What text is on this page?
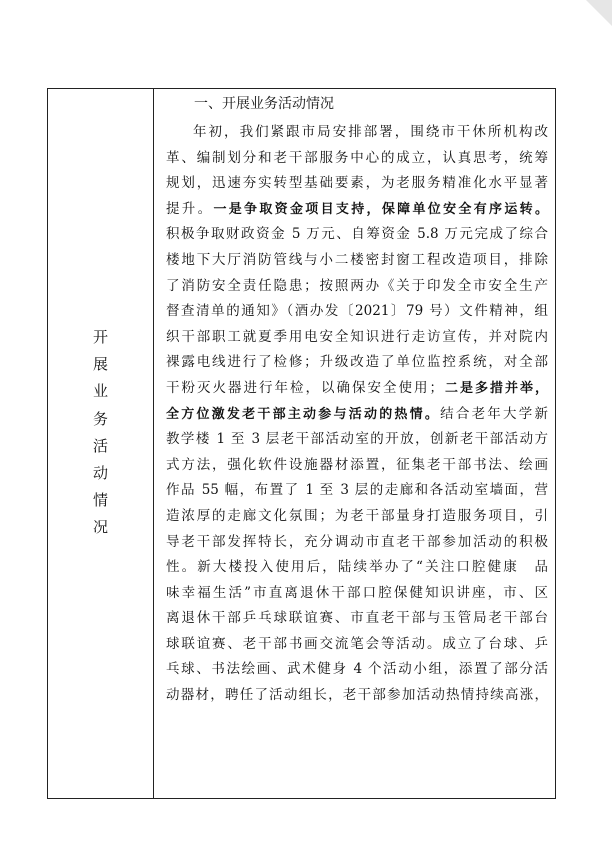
开
展
业
务
活
动
情
况
一、开展业务活动情况
年初，我们紧跟市局安排部署，围绕市干休所机构改
革、编制划分和老干部服务中心的成立，认真思考，统筹
规划，迅速夯实转型基础要素，为老服务精准化水平显著
提升。一是争取资金项目支持，保障单位安全有序运转。
积极争取财政资金 5 万元、自筹资金 5.8 万元完成了综合
楼地下大厅消防管线与小二楼密封窗工程改造项目，排除
了消防安全责任隐患；按照两办《关于印发全市安全生产
督查清单的通知》（酒办发〔2021〕79 号）文件精神，组
织干部职工就夏季用电安全知识进行走访宣传，并对院内
裸露电线进行了检修；升级改造了单位监控系统，对全部
干粉灭火器进行年检，以确保安全使用；二是多措并举，
全方位激发老干部主动参与活动的热情。结合老年大学新
教学楼 1 至 3 层老干部活动室的开放，创新老干部活动方
式方法，强化软件设施器材添置，征集老干部书法、绘画
作品 55 幅，布置了 1 至 3 层的走廊和各活动室墙面，营
造浓厚的走廊文化氛围；为老干部量身打造服务项目，引
导老干部发挥特长，充分调动市直老干部参加活动的积极
性。新大楼投入使用后，陆续举办了“关注口腔健康　品
味幸福生活”市直离退休干部口腔保健知识讲座，市、区
离退休干部乒乓球联谊赛、市直老干部与玉管局老干部台
球联谊赛、老干部书画交流笔会等活动。成立了台球、乒
乓球、书法绘画、武术健身 4 个活动小组，添置了部分活
动器材，聘任了活动组长，老干部参加活动热情持续高涨，
